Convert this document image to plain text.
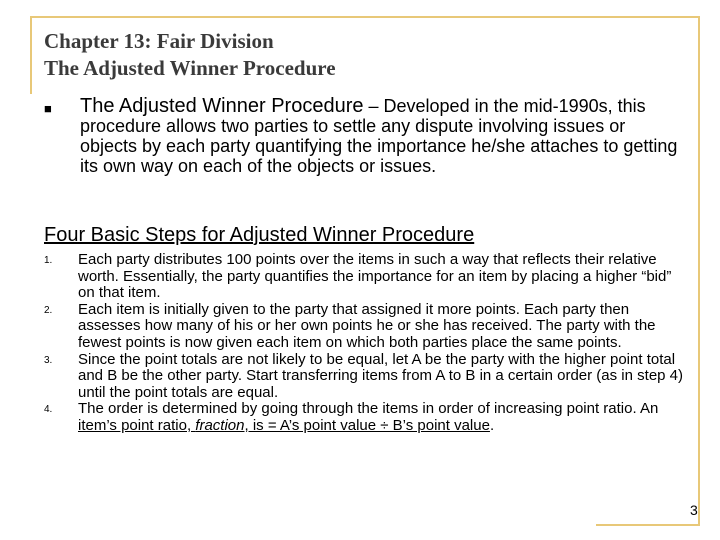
Chapter 13: Fair Division
The Adjusted Winner Procedure
■ The Adjusted Winner Procedure – Developed in the mid-1990s, this procedure allows two parties to settle any dispute involving issues or objects by each party quantifying the importance he/she attaches to getting its own way on each of the objects or issues.
Four Basic Steps for Adjusted Winner Procedure
1. Each party distributes 100 points over the items in such a way that reflects their relative worth. Essentially, the party quantifies the importance for an item by placing a higher “bid” on that item.
2. Each item is initially given to the party that assigned it more points. Each party then assesses how many of his or her own points he or she has received. The party with the fewest points is now given each item on which both parties place the same points.
3. Since the point totals are not likely to be equal, let A be the party with the higher point total and B be the other party. Start transferring items from A to B in a certain order (as in step 4) until the point totals are equal.
4. The order is determined by going through the items in order of increasing point ratio. An item’s point ratio, fraction, is = A’s point value ÷ B’s point value.
3
